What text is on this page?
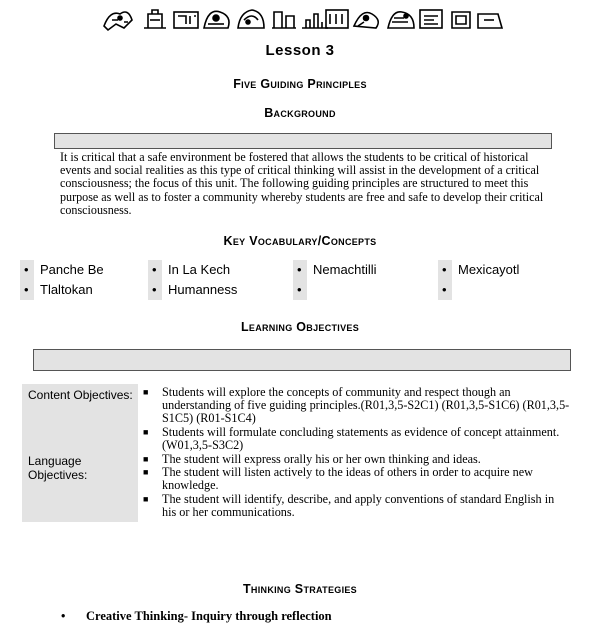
Lesson 3
Five Guiding Principles
Background

It is critical that a safe environment be fostered that allows the students to be critical of historical events and social realities as this type of critical thinking will assist in the development of a critical consciousness; the focus of this unit. The following guiding principles are structured to meet this purpose as well as to foster a community whereby students are free and safe to develop their critical consciousness.

Key Vocabulary/Concepts
• Panche Be
• Tlaltokan
• In La Kech
• Humanness
• Nemachtilli
•
• Mexicayotl
•
Learning Objectives
Content Objectives:
Language Objectives:
■ Students will explore the concepts of community and respect though an understanding of five guiding principles.(R01,3,5-S2C1) (R01,3,5-S1C6) (R01,3,5-S1C5) (R01-S1C4)
■ Students will formulate concluding statements as evidence of concept attainment. (W01,3,5-S3C2)
■ The student will express orally his or her own thinking and ideas.
■ The student will listen actively to the ideas of others in order to acquire new knowledge.
■ The student will identify, describe, and apply conventions of standard English in his or her communications.
Thinking Strategies
• Creative Thinking- Inquiry through reflection
